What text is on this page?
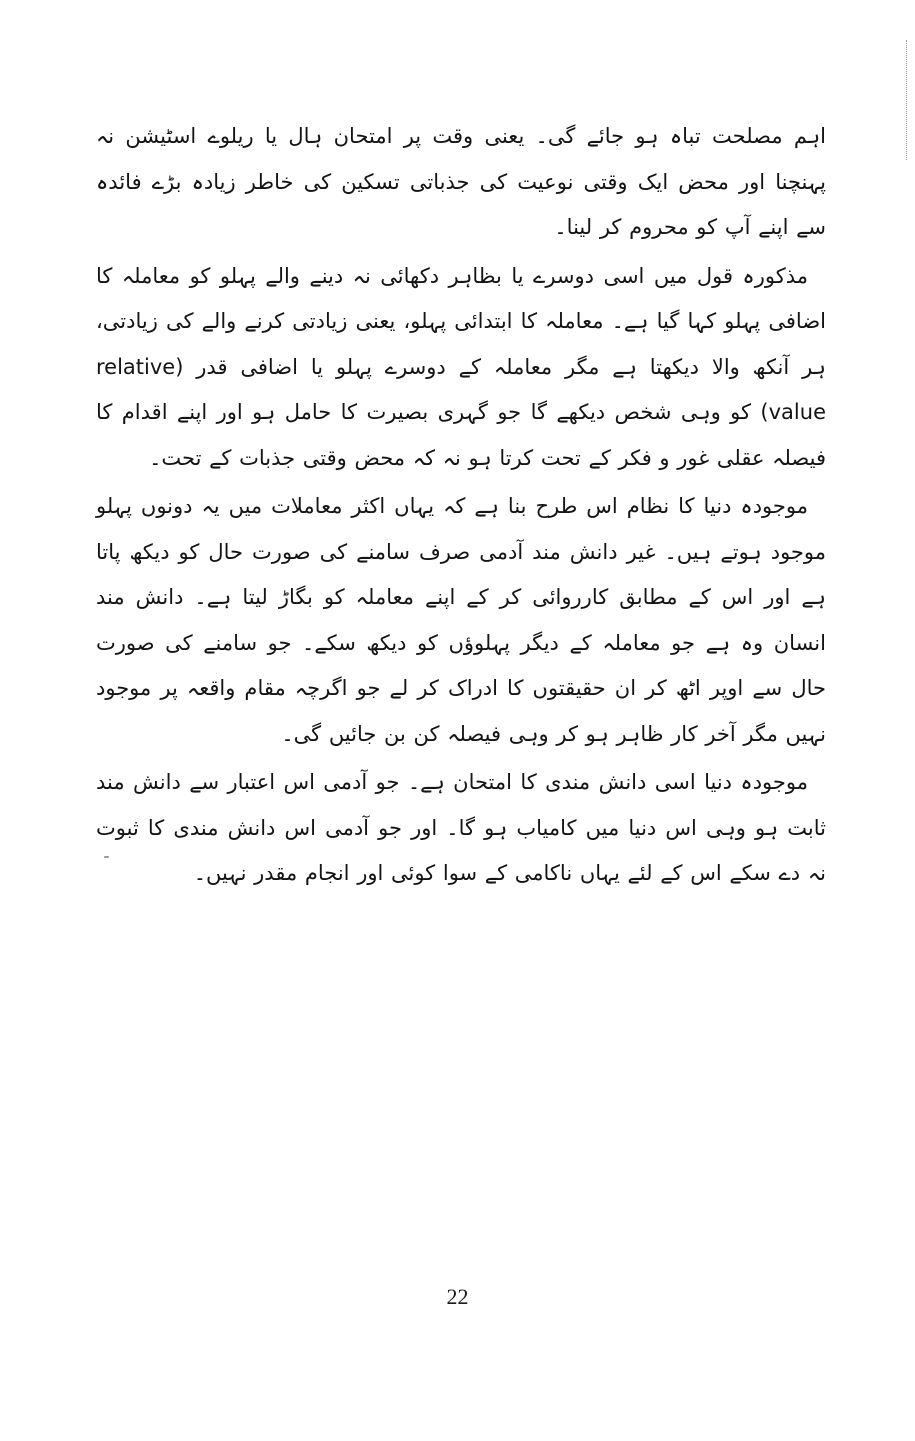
اہم مصلحت تباہ ہو جائے گی۔ یعنی وقت پر امتحان ہال یا ریلوے اسٹیشن نہ پہنچنا اور محض ایک وقتی نوعیت کی جذباتی تسکین کی خاطر زیادہ بڑے فائدہ سے اپنے آپ کو محروم کر لینا۔

مذکورہ قول میں اسی دوسرے یا بظاہر دکھائی نہ دینے والے پہلو کو معاملہ کا اضافی پہلو کہا گیا ہے۔ معاملہ کا ابتدائی پہلو، یعنی زیادتی کرنے والے کی زیادتی، ہر آنکھ والا دیکھتا ہے مگر معاملہ کے دوسرے پہلو یا اضافی قدر (relative value) کو وہی شخص دیکھے گا جو گہری بصیرت کا حامل ہو اور اپنے اقدام کا فیصلہ عقلی غور و فکر کے تحت کرتا ہو نہ کہ محض وقتی جذبات کے تحت۔

موجودہ دنیا کا نظام اس طرح بنا ہے کہ یہاں اکثر معاملات میں یہ دونوں پہلو موجود ہوتے ہیں۔ غیر دانش مند آدمی صرف سامنے کی صورت حال کو دیکھ پاتا ہے اور اس کے مطابق کارروائی کر کے اپنے معاملہ کو بگاڑ لیتا ہے۔ دانش مند انسان وہ ہے جو معاملہ کے دیگر پہلوؤں کو دیکھ سکے۔ جو سامنے کی صورت حال سے اوپر اٹھ کر ان حقیقتوں کا ادراک کر لے جو اگرچہ مقام واقعہ پر موجود نہیں مگر آخر کار ظاہر ہو کر وہی فیصلہ کن بن جائیں گی۔

موجودہ دنیا اسی دانش مندی کا امتحان ہے۔ جو آدمی اس اعتبار سے دانش مند ثابت ہو وہی اس دنیا میں کامیاب ہو گا۔ اور جو آدمی اس دانش مندی کا ثبوت نہ دے سکے اس کے لئے یہاں ناکامی کے سوا کوئی اور انجام مقدر نہیں۔

22
